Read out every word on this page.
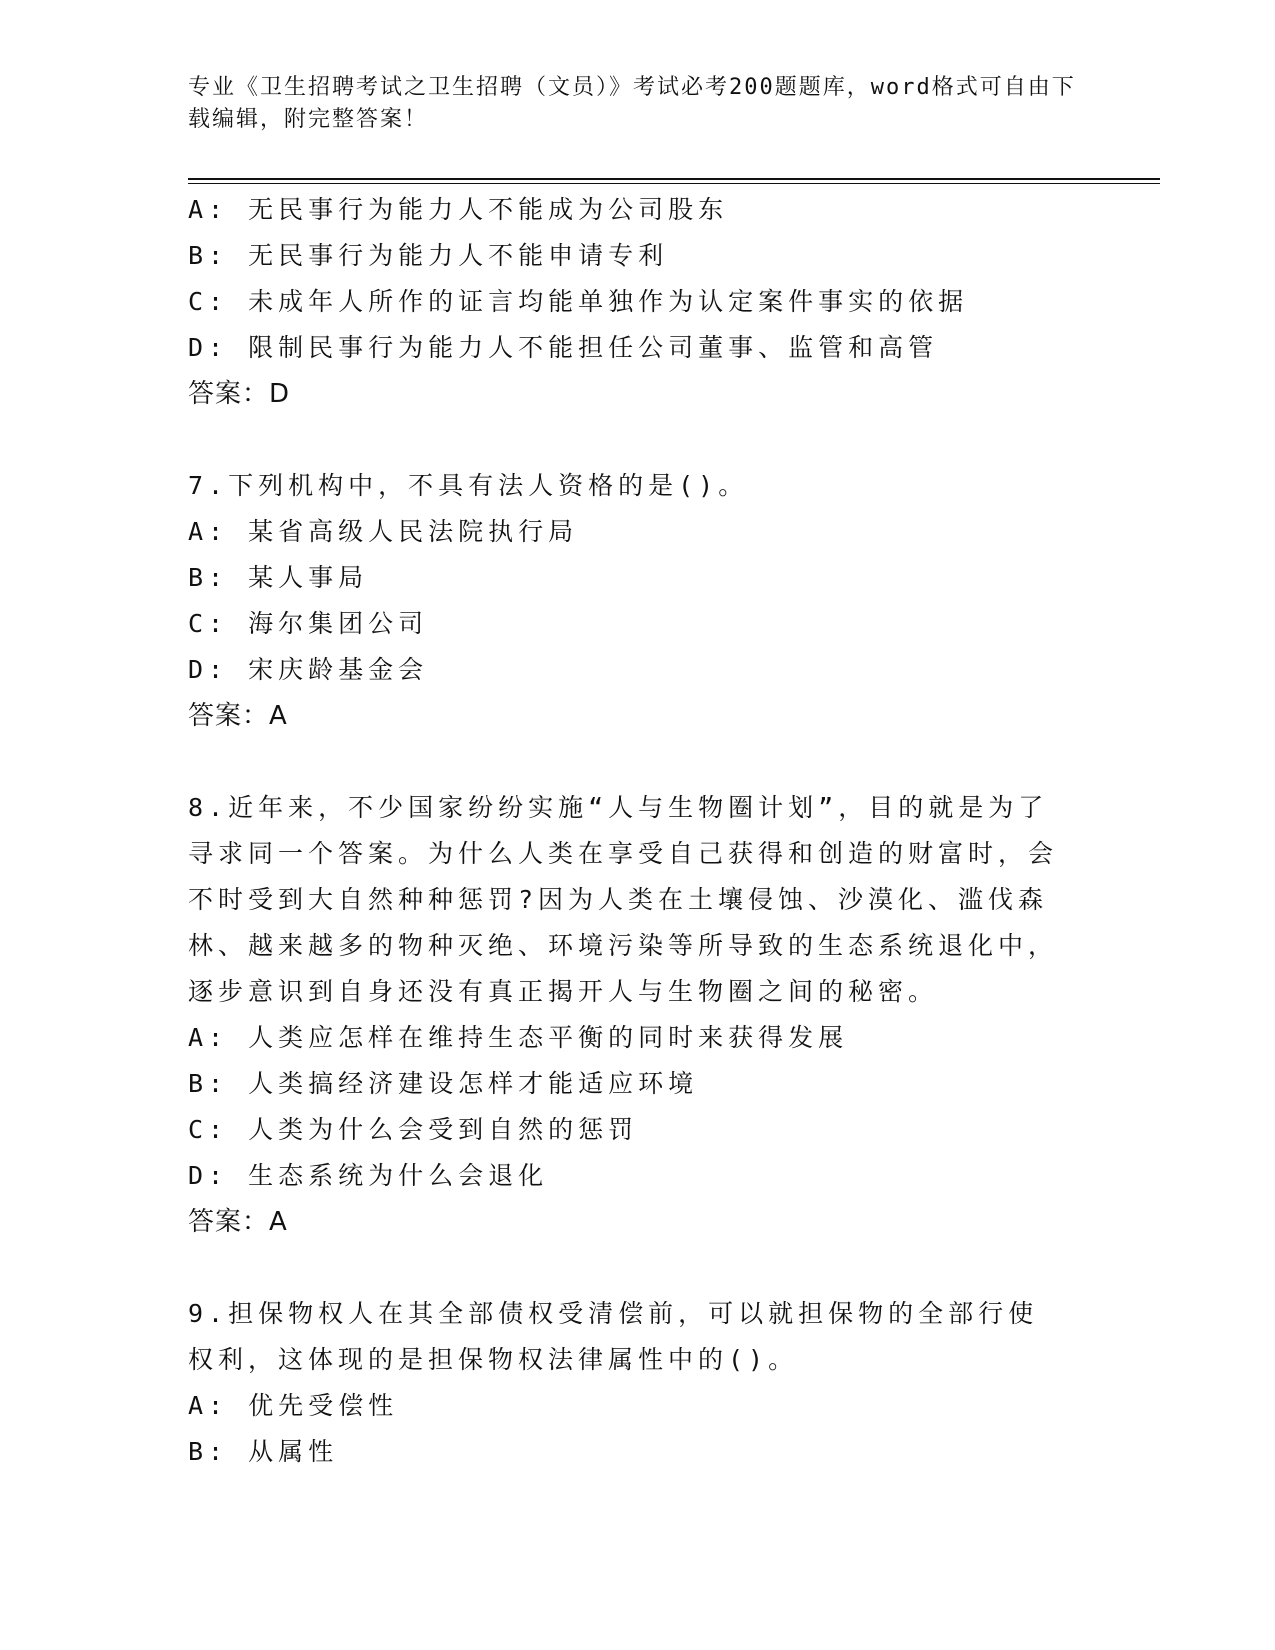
专业《卫生招聘考试之卫生招聘（文员）》考试必考200题题库，word格式可自由下载编辑，附完整答案！
A: 无民事行为能力人不能成为公司股东
B: 无民事行为能力人不能申请专利
C: 未成年人所作的证言均能单独作为认定案件事实的依据
D: 限制民事行为能力人不能担任公司董事、监管和高管
答案：D
7.下列机构中，不具有法人资格的是()。
A: 某省高级人民法院执行局
B: 某人事局
C: 海尔集团公司
D: 宋庆龄基金会
答案：A
8.近年来，不少国家纷纷实施“人与生物圈计划”，目的就是为了寻求同一个答案。为什么人类在享受自己获得和创造的财富时，会不时受到大自然种种惩罚?因为人类在土壤侵蚀、沙漠化、滥伐森林、越来越多的物种灭绝、环境污染等所导致的生态系统退化中，逐步意识到自身还没有真正揭开人与生物圈之间的秘密。
A: 人类应怎样在维持生态平衡的同时来获得发展
B: 人类搞经济建设怎样才能适应环境
C: 人类为什么会受到自然的惩罚
D: 生态系统为什么会退化
答案：A
9.担保物权人在其全部债权受清偿前，可以就担保物的全部行使权利，这体现的是担保物权法律属性中的()。
A: 优先受偿性
B: 从属性
